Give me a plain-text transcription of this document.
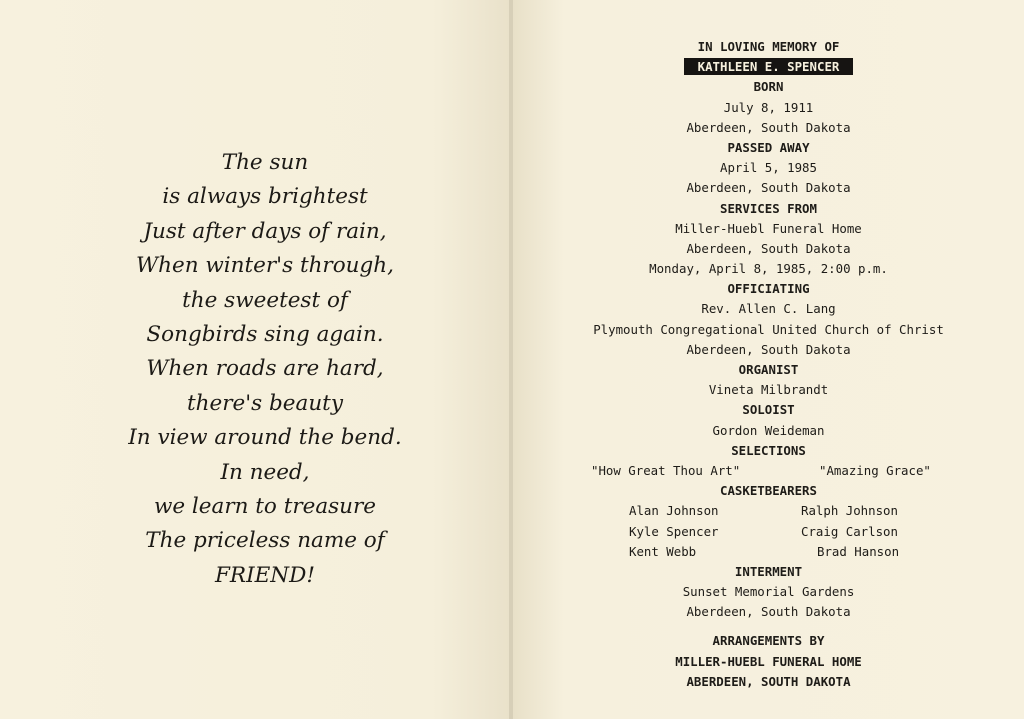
The sun
is always brightest
Just after days of rain,
When winter's through,
the sweetest of
Songbirds sing again.
When roads are hard,
there's beauty
In view around the bend.
In need,
we learn to treasure
The priceless name of
FRIEND!
IN LOVING MEMORY OF
KATHLEEN E. SPENCER
BORN
July 8, 1911
Aberdeen, South Dakota
PASSED AWAY
April 5, 1985
Aberdeen, South Dakota
SERVICES FROM
Miller-Huebl Funeral Home
Aberdeen, South Dakota
Monday, April 8, 1985, 2:00 p.m.
OFFICIATING
Rev. Allen C. Lang
Plymouth Congregational United Church of Christ
Aberdeen, South Dakota
ORGANIST
Vineta Milbrandt
SOLOIST
Gordon Weideman
SELECTIONS
"How Great Thou Art"	"Amazing Grace"
CASKETBEARERS
Alan Johnson	Ralph Johnson
Kyle Spencer	Craig Carlson
Kent Webb	Brad Hanson
INTERMENT
Sunset Memorial Gardens
Aberdeen, South Dakota
ARRANGEMENTS BY
MILLER-HUEBL FUNERAL HOME
ABERDEEN, SOUTH DAKOTA
